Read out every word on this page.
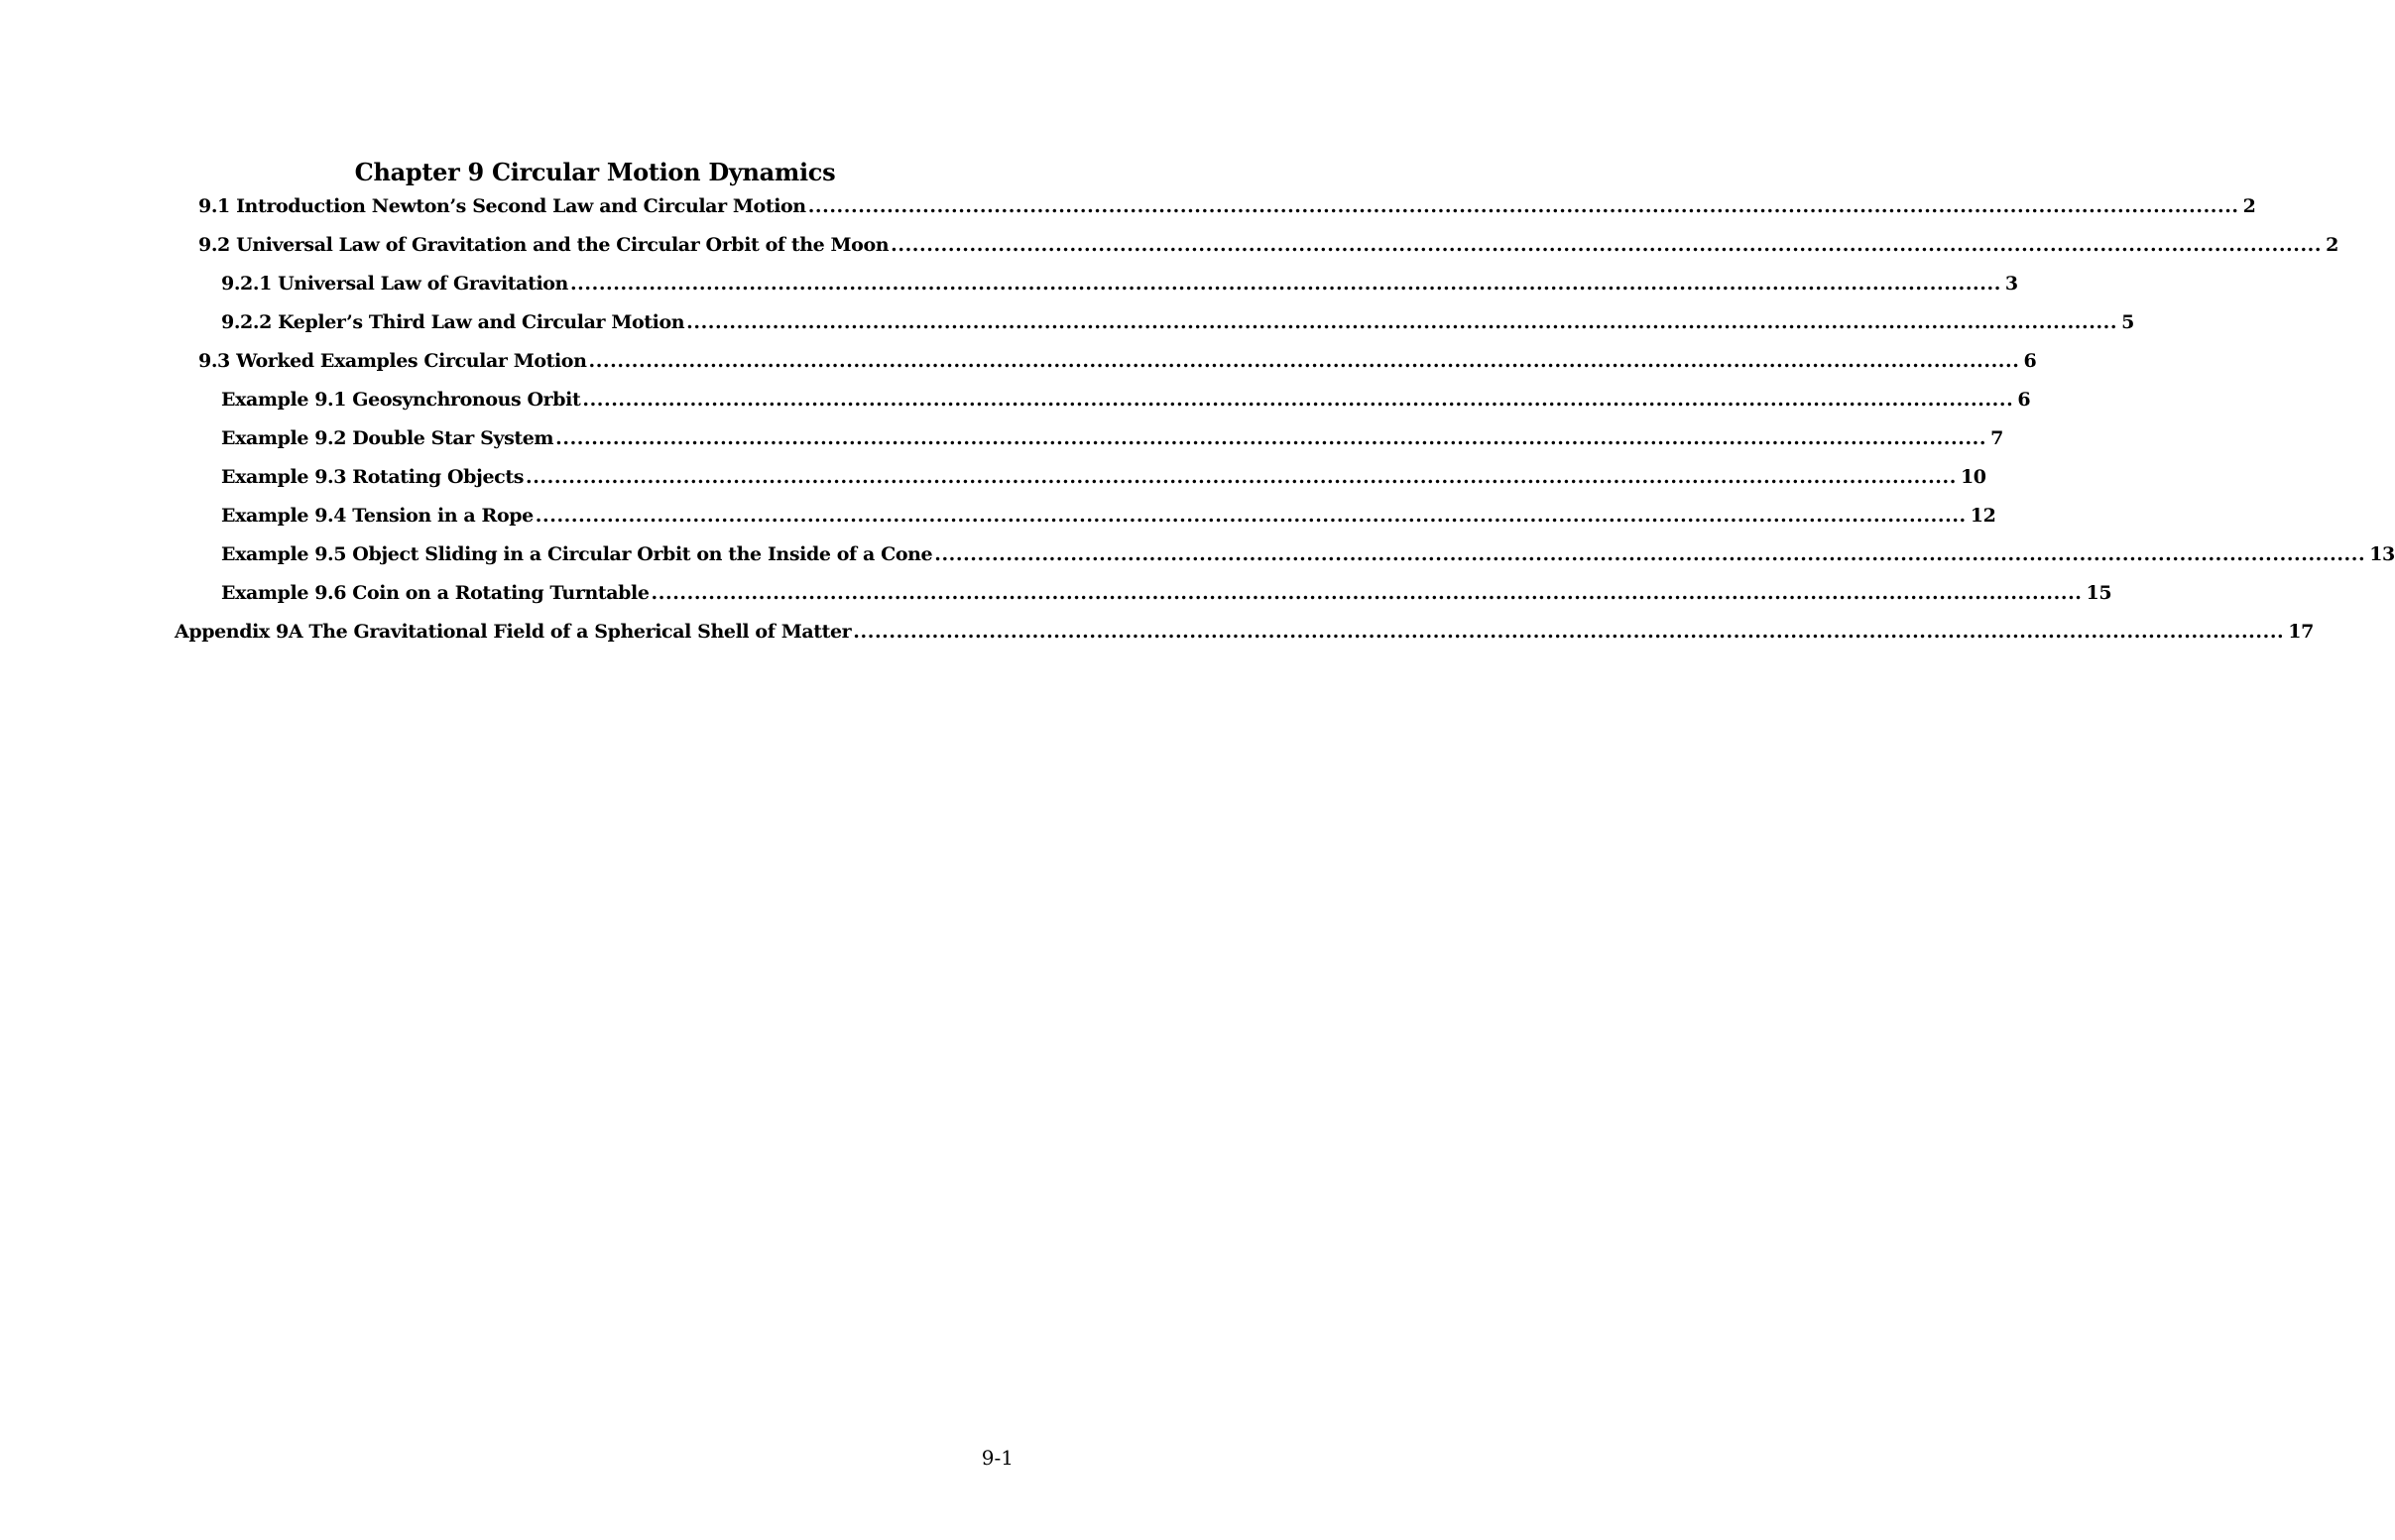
Chapter 9 Circular Motion Dynamics
9.1 Introduction Newton’s Second Law and Circular Motion ........................................................................................................................................................................................................ 2
9.2 Universal Law of Gravitation and the Circular Orbit of the Moon ........................................................................................................................................................................................................ 2
9.2.1 Universal Law of Gravitation ........................................................................................................................................................................................................ 3
9.2.2 Kepler’s Third Law and Circular Motion ........................................................................................................................................................................................................ 5
9.3 Worked Examples Circular Motion ........................................................................................................................................................................................................ 6
Example 9.1 Geosynchronous Orbit ........................................................................................................................................................................................................ 6
Example 9.2 Double Star System ........................................................................................................................................................................................................ 7
Example 9.3 Rotating Objects ........................................................................................................................................................................................................ 10
Example 9.4 Tension in a Rope ........................................................................................................................................................................................................ 12
Example 9.5 Object Sliding in a Circular Orbit on the Inside of a Cone ........................................................................................................................................................................................................ 13
Example 9.6 Coin on a Rotating Turntable ........................................................................................................................................................................................................ 15
Appendix 9A The Gravitational Field of a Spherical Shell of Matter ........................................................................................................................................................................................................ 17
9-1
